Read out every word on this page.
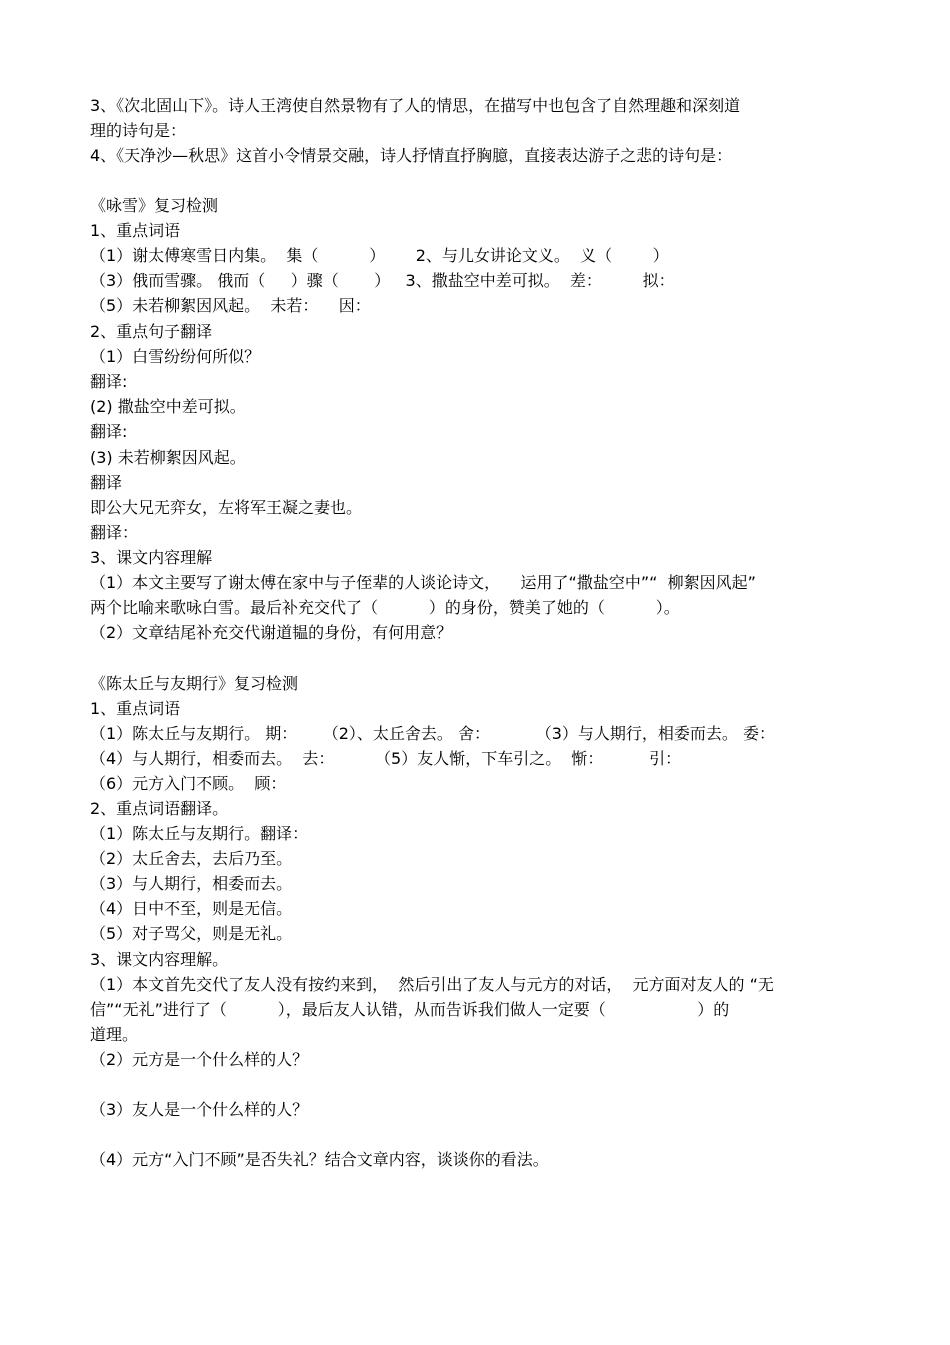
3、《次北固山下》。诗人王湾使自然景物有了人的情思，在描写中也包含了自然理趣和深刻道
理的诗句是：
4、《天净沙—秋思》这首小令情景交融，诗人抒情直抒胸臆，直接表达游子之悲的诗句是：
《咏雪》复习检测
1、重点词语
（1）谢太傅寒雪日内集。  集（          ）      2、与儿女讲论文义。  义（        ）
（3）俄而雪骤。 俄而（     ）骤（       ）   3、撒盐空中差可拟。  差：        拟：
（5）未若柳絮因风起。  未若：    因：
2、重点句子翻译
（1）白雪纷纷何所似？
翻译:
(2) 撒盐空中差可拟。
翻译:
(3) 未若柳絮因风起。
翻译
即公大兄无弈女，左将军王凝之妻也。
翻译：
3、课文内容理解
（1）本文主要写了谢太傅在家中与子侄辈的人谈论诗文，    运用了“撒盐空中”“  柳絮因风起”
两个比喻来歌咏白雪。最后补充交代了（          ）的身份，赞美了她的（          ）。
（2）文章结尾补充交代谢道韫的身份，有何用意？
《陈太丘与友期行》复习检测
1、重点词语
（1）陈太丘与友期行。 期：     （2）、太丘舍去。 舍：         （3）与人期行，相委而去。 委：
（4）与人期行，相委而去。  去：        （5）友人惭，下车引之。  惭：         引：
（6）元方入门不顾。  顾：
2、重点词语翻译。
（1）陈太丘与友期行。翻译：
（2）太丘舍去，去后乃至。
（3）与人期行，相委而去。
（4）日中不至，则是无信。
（5）对子骂父，则是无礼。
3、课文内容理解。
（1）本文首先交代了友人没有按约来到，  然后引出了友人与元方的对话，  元方面对友人的 “无
信”“无礼”进行了（          ），最后友人认错，从而告诉我们做人一定要（                  ）的
道理。
（2）元方是一个什么样的人？
（3）友人是一个什么样的人？
（4）元方“入门不顾”是否失礼？结合文章内容，谈谈你的看法。
